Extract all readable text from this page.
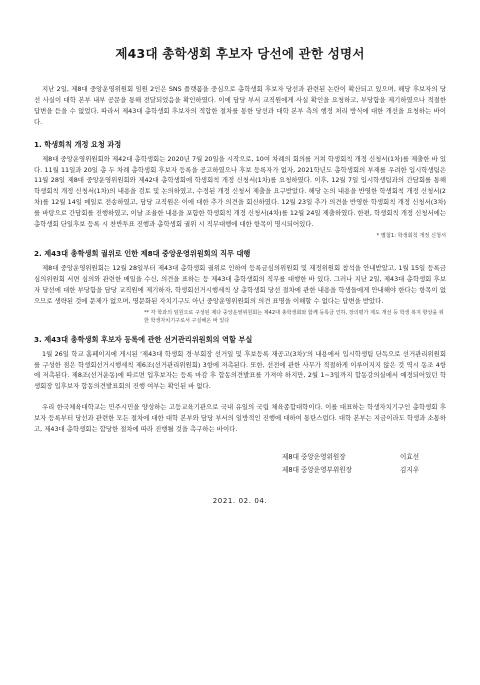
제43대 총학생회 후보자 당선에 관한 성명서

지난 2일, 제8대 중앙운영위원회 임원 2인은 SNS 플랫폼을 중심으로 총학생회 후보자 당선과 관련된 논란이 확산되고 있으며, 해당 후보자의 당선 사실이 대학 본부 내부 공문을 통해 전달되었음을 확인하였다. 이에 담당 부서 교직원에게 사실 확인을 요청하고, 부당함을 제기하였으나 적절한 답변을 듣을 수 없었다. 따라서 제43대 총학생회 후보자의 적합한 절차를 통한 당선과 대학 본부 측의 행정 처리 방식에 대한 개선을 요청하는 바이다.

1. 학생회칙 개정 요청 과정

제8대 중앙운영위원회와 제42대 총학생회는 2020년 7월 20일을 시작으로, 10여 차례의 회의를 거쳐 학생회칙 개정 신청서(1차)를 제출한 바 있다. 11월 11일과 20일 총 두 차례 총학생회 후보자 등록을 공고하였으나 후보 등록자가 없자, 2021학년도 총학생회의 부재를 우려한 입시학생팀은 11월 28일 제8대 중앙운영위원회와 제42대 총학생회에 학생회칙 개정 신청서(1차)를 요청하였다. 이후, 12월 7일 입시학생팀과의 간담회를 통해 학생회칙 개정 신청서(1차)의 내용을 검토 및 논의하였고, 수정된 개정 신청서 제출을 요구받았다. 해당 논의 내용을 반영한 학생회칙 개정 신청서(2차)를 12월 14일 메일로 전송하였고, 담당 교직원은 이에 대한 추가 의견을 회신하였다. 12월 23일 추가 의견을 반영한 학생회칙 개정 신청서(3차)를 바탕으로 간담회를 진행하였고, 이날 조율한 내용을 포함한 학생회칙 개정 신청서(4차)를 12월 24일 제출하였다. 한편, 학생회칙 개정 신청서에는 총학생회 단일후보 등록 시 찬반투표 진행과 총학생회 궐위 시 직무대행에 대한 항목이 명시되어있다.

* 별첨1: 학생회칙 개정 신청서

2. 제43대 총학생회 궐위로 인한 제8대 중앙운영위원회의 직무 대행

제8대 중앙운영위원회는 12월 28일부터 제43대 총학생회 궐위로 인하여 등록금심의위원회 및 재정위원회 참석을 안내받았고, 1월 15일 등록금심의위원회 서면 심의와 관련한 메일을 수신, 의견을 표하는 등 제43대 총학생회의 직무를 대행한 바 있다. 그러나 지난 2일, 제43대 총학생회 후보자 당선에 대한 부당함을 담당 교직원에 제기하자, 학생회선거시행세칙 상 총학생회 당선 절차에 관한 내용을 학생들에게 안내해야 한다는 항목이 없으므로 생략된 것에 문제가 없으며, 명문화된 자치기구도 아닌 중앙운영위원회의 의견 표명을 이해할 수 없다는 답변을 받았다.

** 각 학과의 임원으로 구성된 제다 중앙운영위원회는 제42대 총학생회와 함께 등록금 인하, 장의평가 제도 개선 등 학생 복지 향상을 위한 학생자치기구로서 구실해온 바 있다

3. 제43대 총학생회 후보자 등록에 관한 선거관리위원회의 역할 부실

1월 26일 학교 홈페이지에 게시된 '제43대 학생회 경·부회장 선거일 및 후보등록 재공고(3차)'의 내용에서 입시학생팀 단독으로 선거관리위원회를 구성한 점은 학생회선거시행세칙 제6조(선거관리위원회) 3항에 저촉된다. 또한, 선전에 관한 사무가 적절하게 이루어지지 않은 것 역시 동조 4항에 저촉된다. 제8조(선거운동)에 따르면 입후보자는 등록 마감 후 합동의견발표를 가져야 하지만, 2월 1~3일까지 합동강의실에서 예정되어있던 학생회장 입후보자 합동의견발표회의 진행 여부는 확인된 바 없다.

우리 한국체육대학교는 민주시민을 양성하는 고등교육기관으로 국내 유일의 국립 체육종합대학이다. 이를 대표하는 학생자치기구인 총학생회 후보자 등록부터 당선과 관련한 모든 절차에 대한 대학 본부와 담당 부서의 일방적인 진행에 대하여 통탄스럽다. 대학 본부는 지금이라도 학생과 소통하고, 제43대 총학생회는 합당한 절차에 따라 진행될 것을 촉구하는 바이다.

제8대 중앙운영위원장	이효선
제8대 중앙운영부위원장	김지우
2021. 02. 04.
